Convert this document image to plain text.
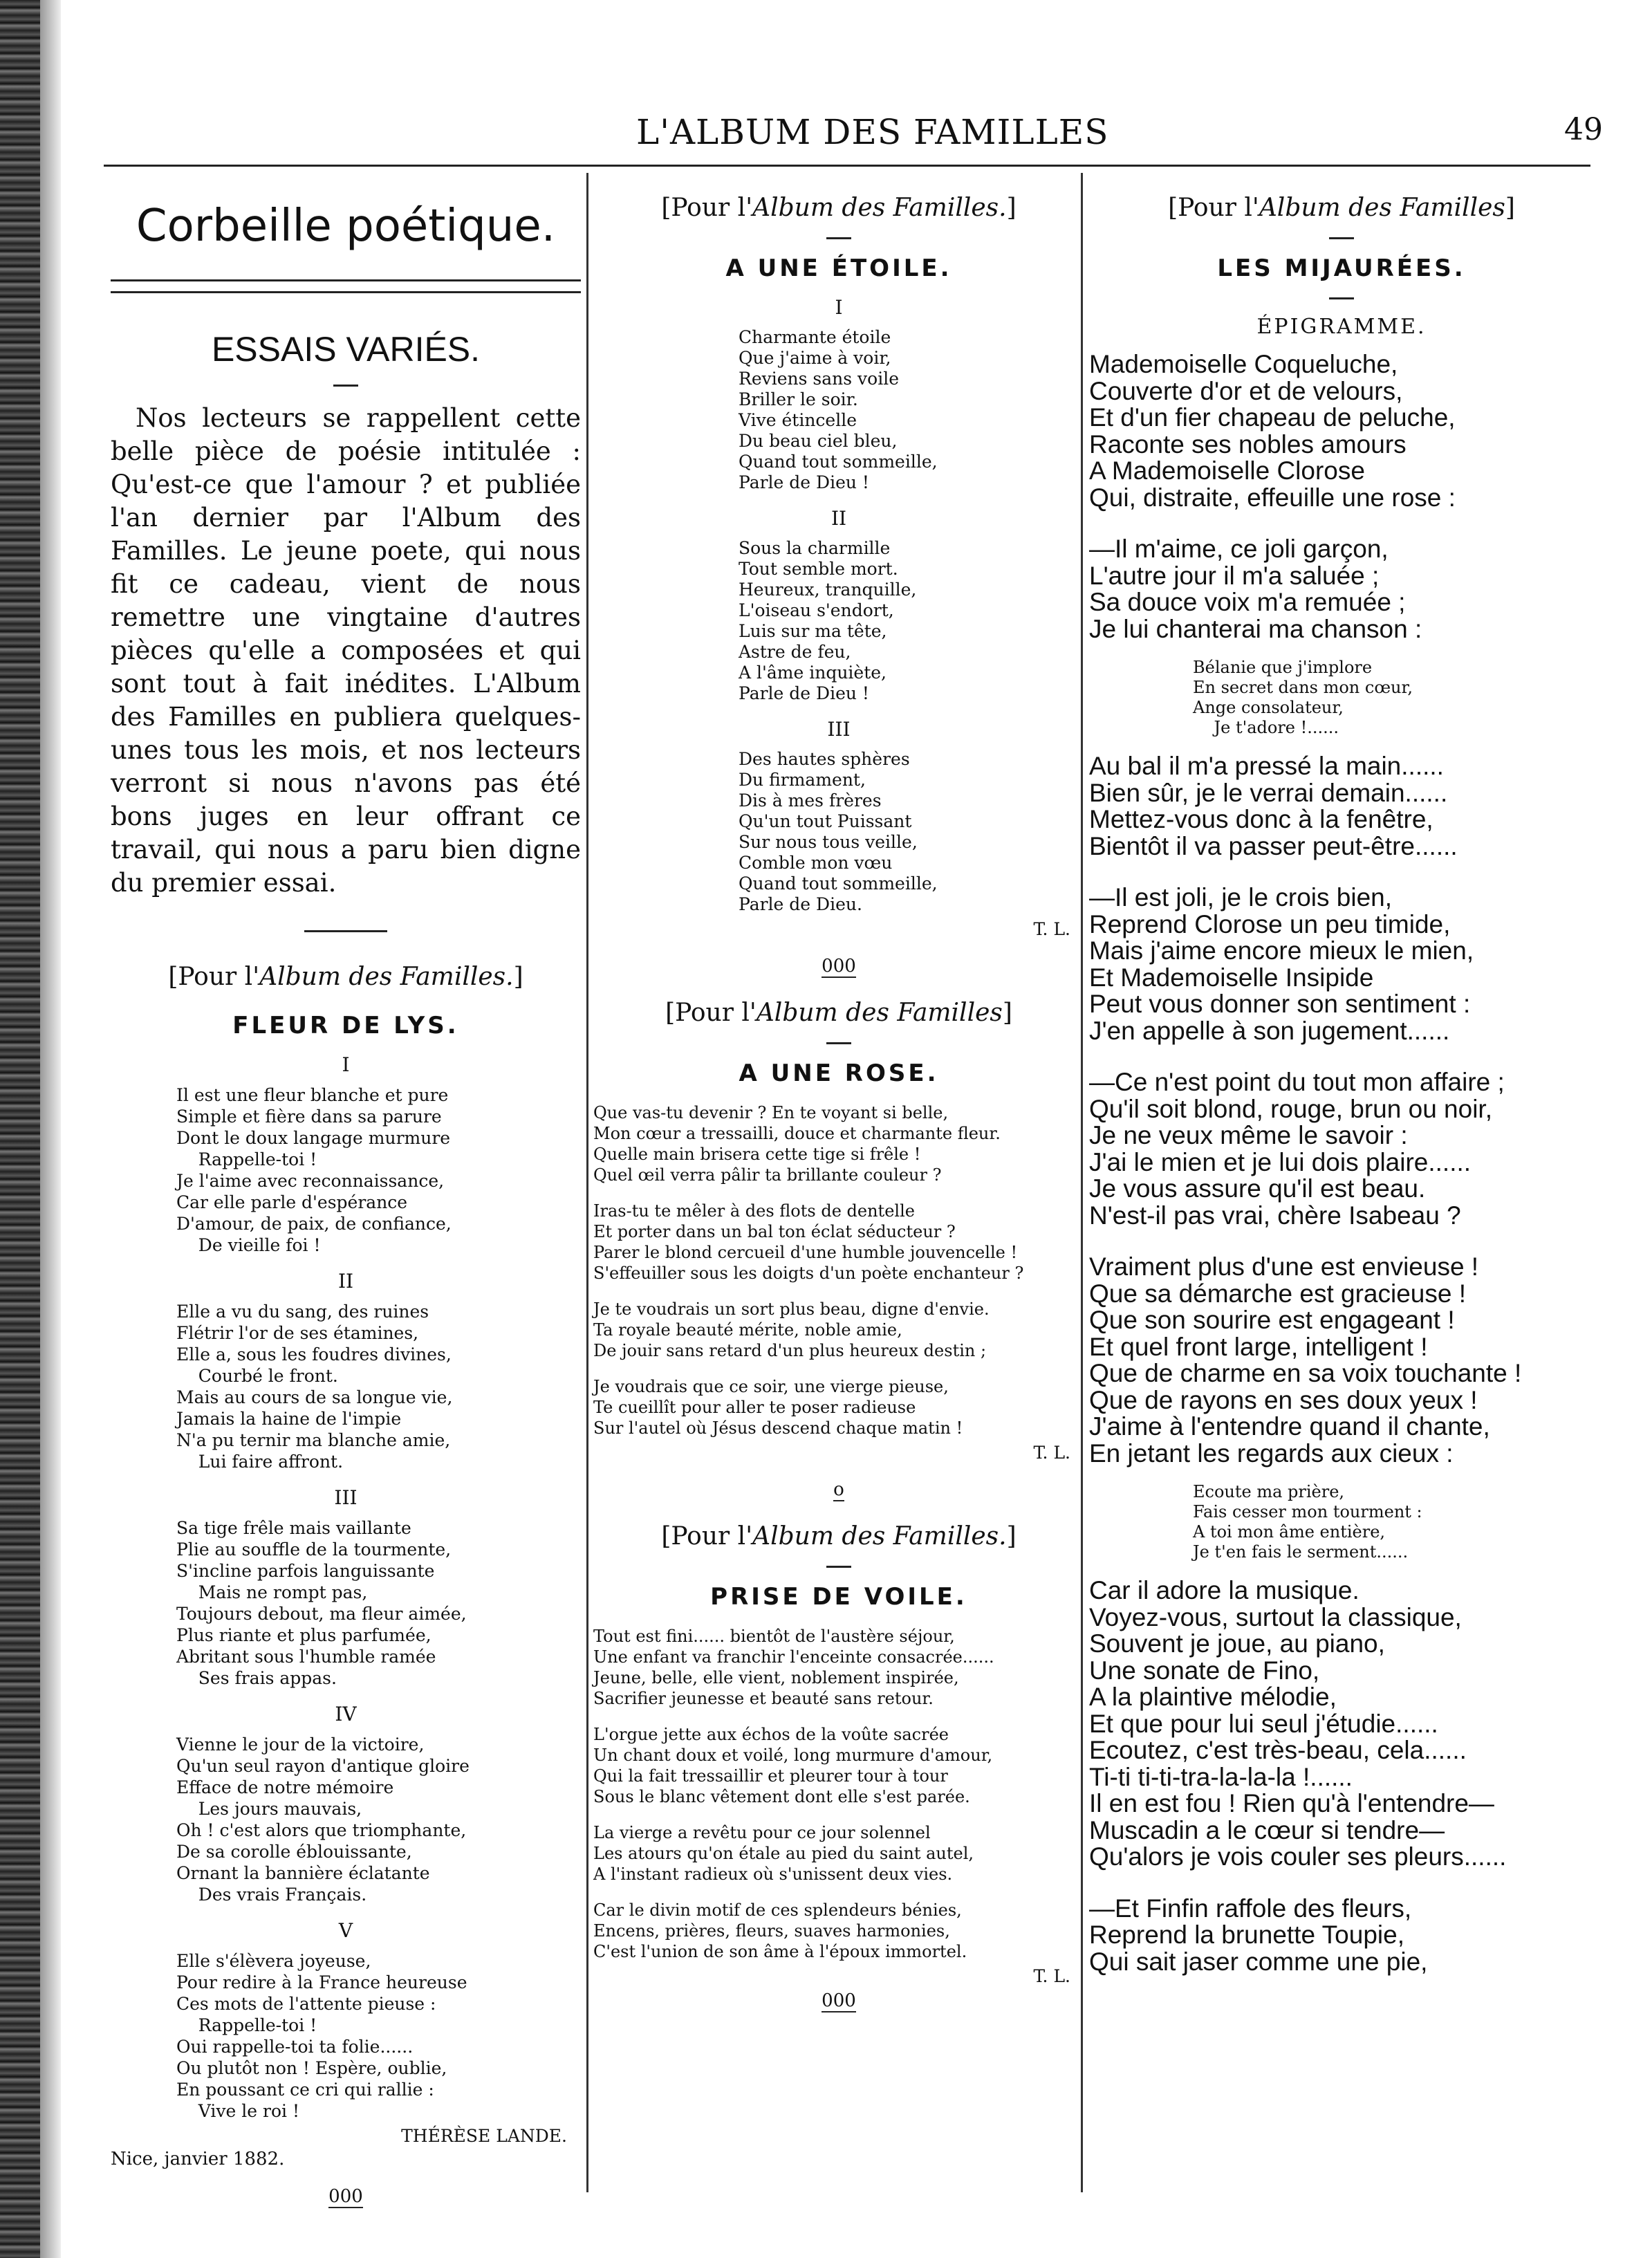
L'ALBUM DES FAMILLES	49
Corbeille poétique.
ESSAIS VARIÉS.

Nos lecteurs se rappellent cette belle pièce de poésie intitulée : Qu'est-ce que l'amour ? et publiée l'an dernier par l'Album des Familles. Le jeune poete, qui nous fit ce cadeau, vient de nous remettre une vingtaine d'autres pièces qu'elle a composées et qui sont tout à fait inédites. L'Album des Familles en publiera quelques-unes tous les mois, et nos lecteurs verront si nous n'avons pas été bons juges en leur offrant ce travail, qui nous a paru bien digne du premier essai.

[Pour l'Album des Familles.]
FLEUR DE LYS.
I
Il est une fleur blanche et pure
Simple et fière dans sa parure
Dont le doux langage murmure
Rappelle-toi !
Je l'aime avec reconnaissance,
Car elle parle d'espérance
D'amour, de paix, de confiance,
De vieille foi !
II
Elle a vu du sang, des ruines
Flétrir l'or de ses étamines,
Elle a, sous les foudres divines,
Courbé le front.
Mais au cours de sa longue vie,
Jamais la haine de l'impie
N'a pu ternir ma blanche amie,
Lui faire affront.
III
Sa tige frêle mais vaillante
Plie au souffle de la tourmente,
S'incline parfois languissante
Mais ne rompt pas,
Toujours debout, ma fleur aimée,
Plus riante et plus parfumée,
Abritant sous l'humble ramée
Ses frais appas.
IV
Vienne le jour de la victoire,
Qu'un seul rayon d'antique gloire
Efface de notre mémoire
Les jours mauvais,
Oh ! c'est alors que triomphante,
De sa corolle éblouissante,
Ornant la bannière éclatante
Des vrais Français.
V
Elle s'élèvera joyeuse,
Pour redire à la France heureuse
Ces mots de l'attente pieuse :
Rappelle-toi !
Oui rappelle-toi ta folie......
Ou plutôt non ! Espère, oublie,
En poussant ce cri qui rallie :
Vive le roi !
THÉRÈSE LANDE.
Nice, janvier 1882.
000
[Pour l'Album des Familles.]
A UNE ÉTOILE.
I
Charmante étoile
Que j'aime à voir,
Reviens sans voile
Briller le soir.
Vive étincelle
Du beau ciel bleu,
Quand tout sommeille,
Parle de Dieu !
II
Sous la charmille
Tout semble mort.
Heureux, tranquille,
L'oiseau s'endort,
Luis sur ma tête,
Astre de feu,
A l'âme inquiète,
Parle de Dieu !
III
Des hautes sphères
Du firmament,
Dis à mes frères
Qu'un tout Puissant
Sur nous tous veille,
Comble mon vœu
Quand tout sommeille,
Parle de Dieu.
T. L.
000
[Pour l'Album des Familles]
A UNE ROSE.
Que vas-tu devenir ? En te voyant si belle,
Mon cœur a tressailli, douce et charmante fleur.
Quelle main brisera cette tige si frêle !
Quel œil verra pâlir ta brillante couleur ?
Iras-tu te mêler à des flots de dentelle
Et porter dans un bal ton éclat séducteur ?
Parer le blond cercueil d'une humble jouvencelle !
S'effeuiller sous les doigts d'un poète enchanteur ?
Je te voudrais un sort plus beau, digne d'envie.
Ta royale beauté mérite, noble amie,
De jouir sans retard d'un plus heureux destin ;
Je voudrais que ce soir, une vierge pieuse,
Te cueillît pour aller te poser radieuse
Sur l'autel où Jésus descend chaque matin !
T. L.
o
[Pour l'Album des Familles.]
PRISE DE VOILE.
Tout est fini...... bientôt de l'austère séjour,
Une enfant va franchir l'enceinte consacrée......
Jeune, belle, elle vient, noblement inspirée,
Sacrifier jeunesse et beauté sans retour.
L'orgue jette aux échos de la voûte sacrée
Un chant doux et voilé, long murmure d'amour,
Qui la fait tressaillir et pleurer tour à tour
Sous le blanc vêtement dont elle s'est parée.
La vierge a revêtu pour ce jour solennel
Les atours qu'on étale au pied du saint autel,
A l'instant radieux où s'unissent deux vies.
Car le divin motif de ces splendeurs bénies,
Encens, prières, fleurs, suaves harmonies,
C'est l'union de son âme à l'époux immortel.
T. L.
000
[Pour l'Album des Familles]
LES MIJAURÉES.
ÉPIGRAMME.
Mademoiselle Coqueluche,
Couverte d'or et de velours,
Et d'un fier chapeau de peluche,
Raconte ses nobles amours
A Mademoiselle Clorose
Qui, distraite, effeuille une rose :
—Il m'aime, ce joli garçon,
L'autre jour il m'a saluée ;
Sa douce voix m'a remuée ;
Je lui chanterai ma chanson :
Bélanie que j'implore
En secret dans mon cœur,
Ange consolateur,
Je t'adore !......
Au bal il m'a pressé la main......
Bien sûr, je le verrai demain......
Mettez-vous donc à la fenêtre,
Bientôt il va passer peut-être......
—Il est joli, je le crois bien,
Reprend Clorose un peu timide,
Mais j'aime encore mieux le mien,
Et Mademoiselle Insipide
Peut vous donner son sentiment :
J'en appelle à son jugement......
—Ce n'est point du tout mon affaire ;
Qu'il soit blond, rouge, brun ou noir,
Je ne veux même le savoir :
J'ai le mien et je lui dois plaire......
Je vous assure qu'il est beau.
N'est-il pas vrai, chère Isabeau ?
Vraiment plus d'une est envieuse !
Que sa démarche est gracieuse !
Que son sourire est engageant !
Et quel front large, intelligent !
Que de charme en sa voix touchante !
Que de rayons en ses doux yeux !
J'aime à l'entendre quand il chante,
En jetant les regards aux cieux :
Ecoute ma prière,
Fais cesser mon tourment :
A toi mon âme entière,
Je t'en fais le serment......
Car il adore la musique.
Voyez-vous, surtout la classique,
Souvent je joue, au piano,
Une sonate de Fino,
A la plaintive mélodie,
Et que pour lui seul j'étudie......
Ecoutez, c'est très-beau, cela......
Ti-ti ti-ti-tra-la-la-la !......
Il en est fou ! Rien qu'à l'entendre—
Muscadin a le cœur si tendre—
Qu'alors je vois couler ses pleurs......
—Et Finfin raffole des fleurs,
Reprend la brunette Toupie,
Qui sait jaser comme une pie,
